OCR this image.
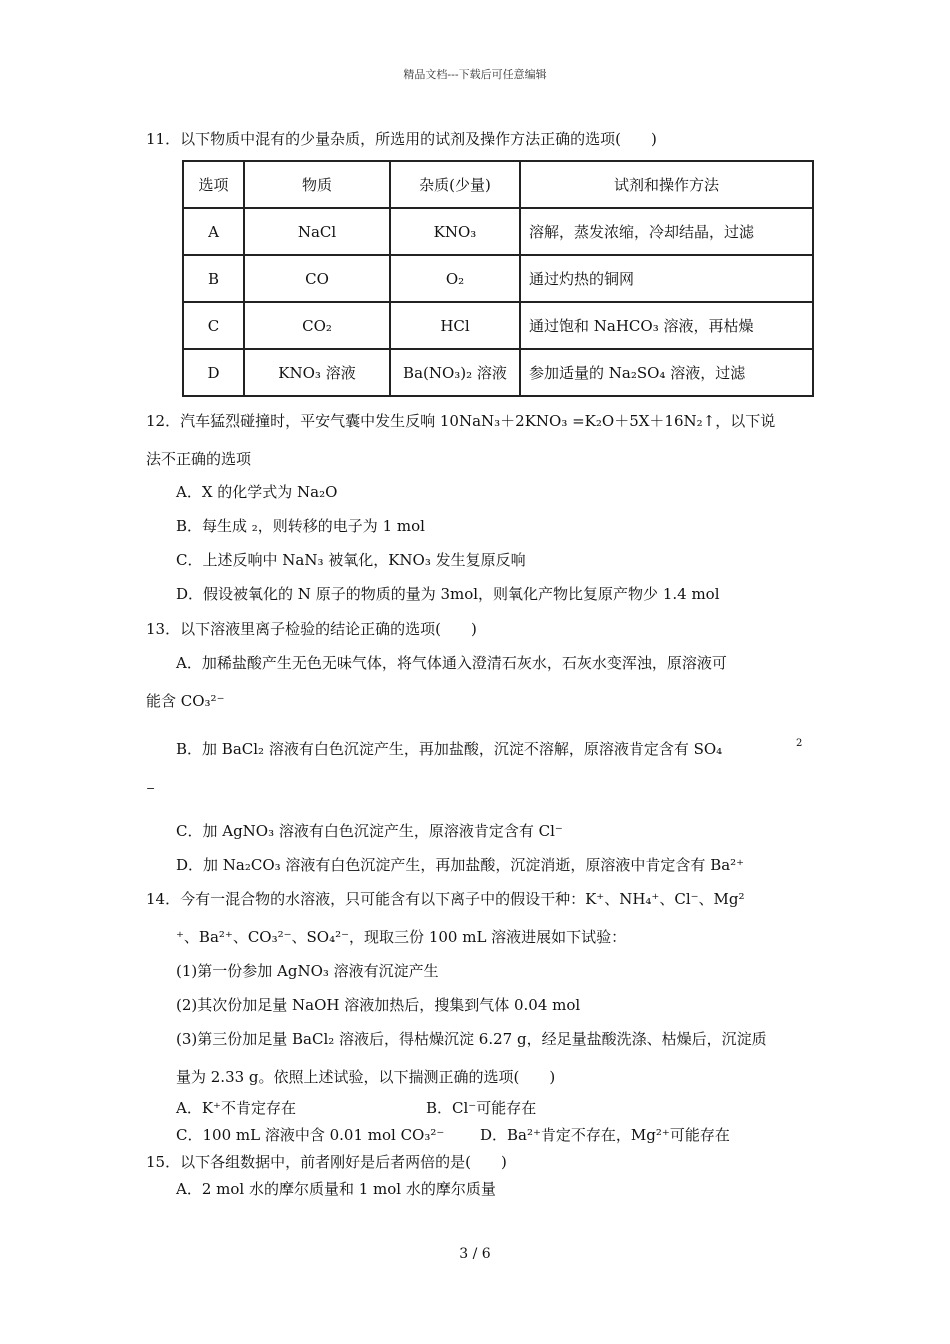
精品文档---下载后可任意编辑
11．以下物质中混有的少量杂质，所选用的试剂及操作方法正确的选项(　　)
选项	物质	杂质(少量)	试剂和操作方法
A	NaCl	KNO₃	溶解，蒸发浓缩，冷却结晶，过滤
B	CO	O₂	通过灼热的铜网
C	CO₂	HCl	通过饱和 NaHCO₃ 溶液，再枯燥
D	KNO₃ 溶液	Ba(NO₃)₂ 溶液	参加适量的 Na₂SO₄ 溶液，过滤
12．汽车猛烈碰撞时，平安气囊中发生反响 10NaN₃＋2KNO₃ =K₂O＋5X＋16N₂↑，以下说
法不正确的选项
A．X 的化学式为 Na₂O
B．每生成 ₂，则转移的电子为 1 mol
C．上述反响中 NaN₃ 被氧化，KNO₃ 发生复原反响
D．假设被氧化的 N 原子的物质的量为 3mol，则氧化产物比复原产物少 1.4 mol
13．以下溶液里离子检验的结论正确的选项(　　)
A．加稀盐酸产生无色无味气体，将气体通入澄清石灰水，石灰水变浑浊，原溶液可
能含 CO₃²⁻
B．加 BaCl₂ 溶液有白色沉淀产生，再加盐酸，沉淀不溶解，原溶液肯定含有 SO₄	2
−
C．加 AgNO₃ 溶液有白色沉淀产生，原溶液肯定含有 Cl⁻
D．加 Na₂CO₃ 溶液有白色沉淀产生，再加盐酸，沉淀消逝，原溶液中肯定含有 Ba²⁺
14．今有一混合物的水溶液，只可能含有以下离子中的假设干种：K⁺、NH₄⁺、Cl⁻、Mg²
⁺、Ba²⁺、CO₃²⁻、SO₄²⁻，现取三份 100 mL 溶液进展如下试验：
(1)第一份参加 AgNO₃ 溶液有沉淀产生
(2)其次份加足量 NaOH 溶液加热后，搜集到气体 0.04 mol
(3)第三份加足量 BaCl₂ 溶液后，得枯燥沉淀 6.27 g，经足量盐酸洗涤、枯燥后，沉淀质
量为 2.33 g。依照上述试验，以下揣测正确的选项(　　)
A．K⁺不肯定存在	B．Cl⁻可能存在
C．100 mL 溶液中含 0.01 mol CO₃²⁻ D．Ba²⁺肯定不存在，Mg²⁺可能存在
15．以下各组数据中，前者刚好是后者两倍的是(　　)
A．2 mol 水的摩尔质量和 1 mol 水的摩尔质量
3 / 6
